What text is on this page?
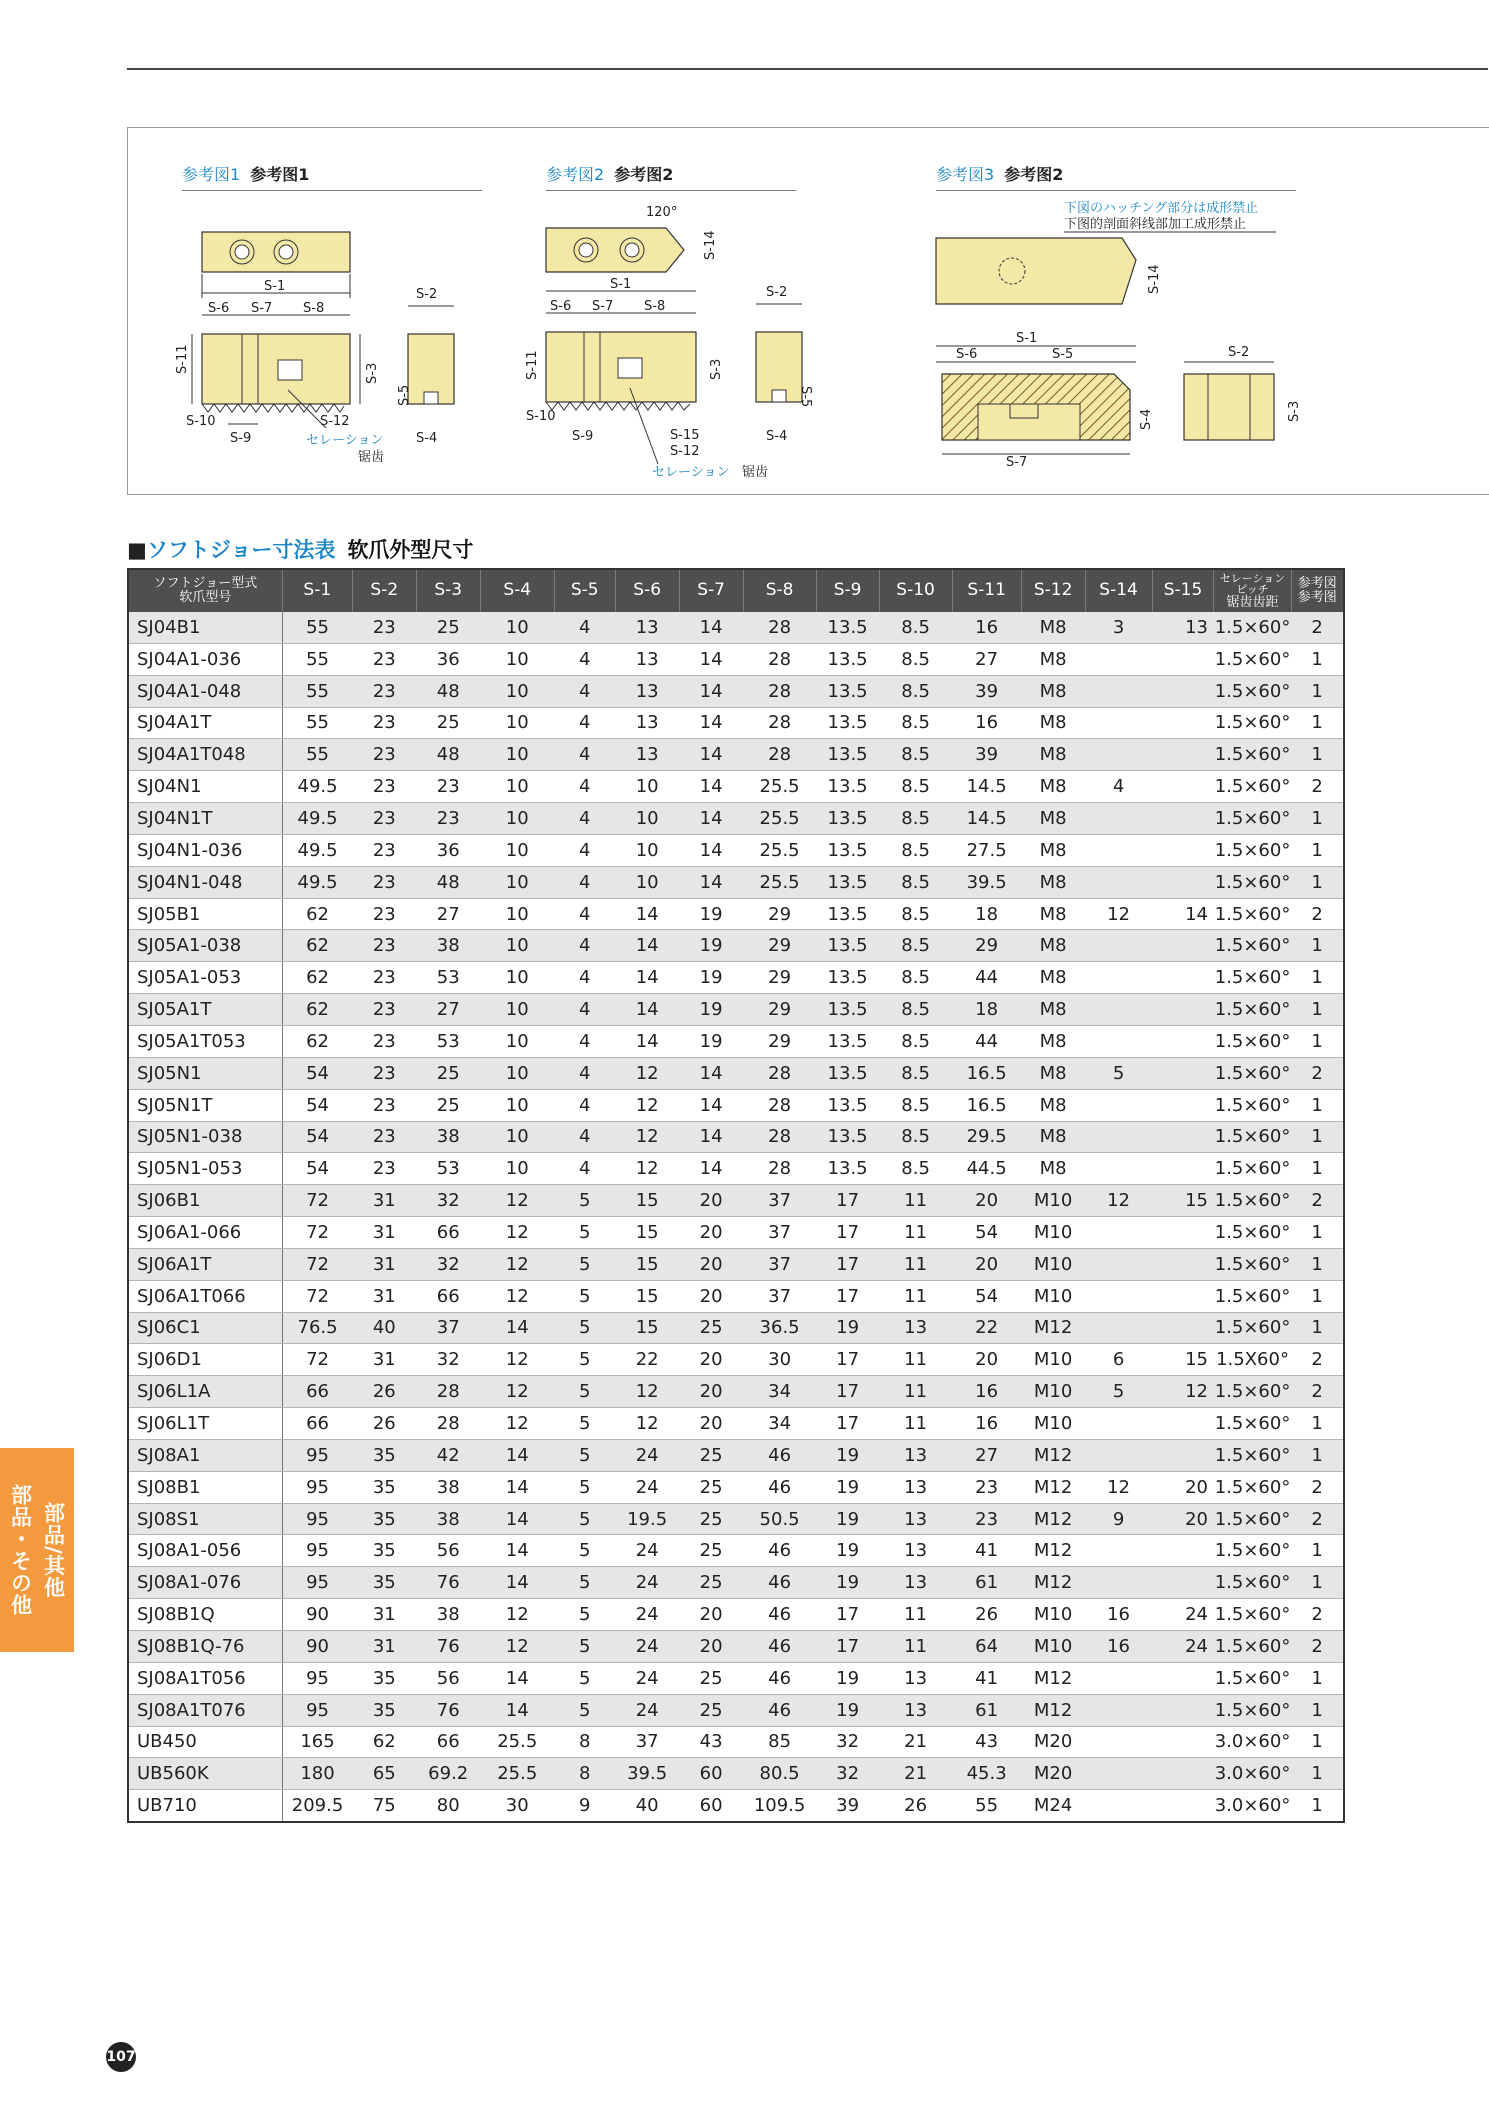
参考図1 参考图1
S-1
S-6 S-7 S-8
S-11	S-3
S-10
S-9
S-12
セレーション
锯齿
S-2
S-5
S-4
参考図2 参考图2
120°
S-14
S-1
S-6 S-7 S-8
S-11	S-3
S-10
S-9	S-15
S-12
セレーション 锯齿
S-2
S-5
S-4
参考図3 参考图2
下図のハッチング部分は成形禁止
下图的剖面斜线部加工成形禁止
S-14
S-1
S-6	S-5
S-7
S-4
S-2
S-3
■ソフトジョー寸法表 软爪外型尺寸
ソフトジョー型式
软爪型号	S-1	S-2	S-3	S-4	S-5	S-6	S-7	S-8	S-9	S-10	S-11	S-12	S-14	S-15	セレーションピッチ
锯齿齿距	参考図
参考图

SJ04B1	55	23	25	10	4	13	14	28	13.5	8.5	16	M8	3	13	1.5×60°	2
SJ04A1-036	55	23	36	10	4	13	14	28	13.5	8.5	27	M8			1.5×60°	1
SJ04A1-048	55	23	48	10	4	13	14	28	13.5	8.5	39	M8			1.5×60°	1
SJ04A1T	55	23	25	10	4	13	14	28	13.5	8.5	16	M8			1.5×60°	1
SJ04A1T048	55	23	48	10	4	13	14	28	13.5	8.5	39	M8			1.5×60°	1
SJ04N1	49.5	23	23	10	4	10	14	25.5	13.5	8.5	14.5	M8	4		1.5×60°	2
SJ04N1T	49.5	23	23	10	4	10	14	25.5	13.5	8.5	14.5	M8			1.5×60°	1
SJ04N1-036	49.5	23	36	10	4	10	14	25.5	13.5	8.5	27.5	M8			1.5×60°	1
SJ04N1-048	49.5	23	48	10	4	10	14	25.5	13.5	8.5	39.5	M8			1.5×60°	1
SJ05B1	62	23	27	10	4	14	19	29	13.5	8.5	18	M8	12	14	1.5×60°	2
SJ05A1-038	62	23	38	10	4	14	19	29	13.5	8.5	29	M8			1.5×60°	1
SJ05A1-053	62	23	53	10	4	14	19	29	13.5	8.5	44	M8			1.5×60°	1
SJ05A1T	62	23	27	10	4	14	19	29	13.5	8.5	18	M8			1.5×60°	1
SJ05A1T053	62	23	53	10	4	14	19	29	13.5	8.5	44	M8			1.5×60°	1
SJ05N1	54	23	25	10	4	12	14	28	13.5	8.5	16.5	M8	5		1.5×60°	2
SJ05N1T	54	23	25	10	4	12	14	28	13.5	8.5	16.5	M8			1.5×60°	1
SJ05N1-038	54	23	38	10	4	12	14	28	13.5	8.5	29.5	M8			1.5×60°	1
SJ05N1-053	54	23	53	10	4	12	14	28	13.5	8.5	44.5	M8			1.5×60°	1
SJ06B1	72	31	32	12	5	15	20	37	17	11	20	M10	12	15	1.5×60°	2
SJ06A1-066	72	31	66	12	5	15	20	37	17	11	54	M10			1.5×60°	1
SJ06A1T	72	31	32	12	5	15	20	37	17	11	20	M10			1.5×60°	1
SJ06A1T066	72	31	66	12	5	15	20	37	17	11	54	M10			1.5×60°	1
SJ06C1	76.5	40	37	14	5	15	25	36.5	19	13	22	M12			1.5×60°	1
SJ06D1	72	31	32	12	5	22	20	30	17	11	20	M10	6	15	1.5X60°	2
SJ06L1A	66	26	28	12	5	12	20	34	17	11	16	M10	5	12	1.5×60°	2
SJ06L1T	66	26	28	12	5	12	20	34	17	11	16	M10			1.5×60°	1
SJ08A1	95	35	42	14	5	24	25	46	19	13	27	M12			1.5×60°	1
SJ08B1	95	35	38	14	5	24	25	46	19	13	23	M12	12	20	1.5×60°	2
SJ08S1	95	35	38	14	5	19.5	25	50.5	19	13	23	M12	9	20	1.5×60°	2
SJ08A1-056	95	35	56	14	5	24	25	46	19	13	41	M12			1.5×60°	1
SJ08A1-076	95	35	76	14	5	24	25	46	19	13	61	M12			1.5×60°	1
SJ08B1Q	90	31	38	12	5	24	20	46	17	11	26	M10	16	24	1.5×60°	2
SJ08B1Q-76	90	31	76	12	5	24	20	46	17	11	64	M10	16	24	1.5×60°	2
SJ08A1T056	95	35	56	14	5	24	25	46	19	13	41	M12			1.5×60°	1
SJ08A1T076	95	35	76	14	5	24	25	46	19	13	61	M12			1.5×60°	1
UB450	165	62	66	25.5	8	37	43	85	32	21	43	M20			3.0×60°	1
UB560K	180	65	69.2	25.5	8	39.5	60	80.5	32	21	45.3	M20			3.0×60°	1
UB710	209.5	75	80	30	9	40	60	109.5	39	26	55	M24			3.0×60°	1
部品・その他 部品/其他
107
